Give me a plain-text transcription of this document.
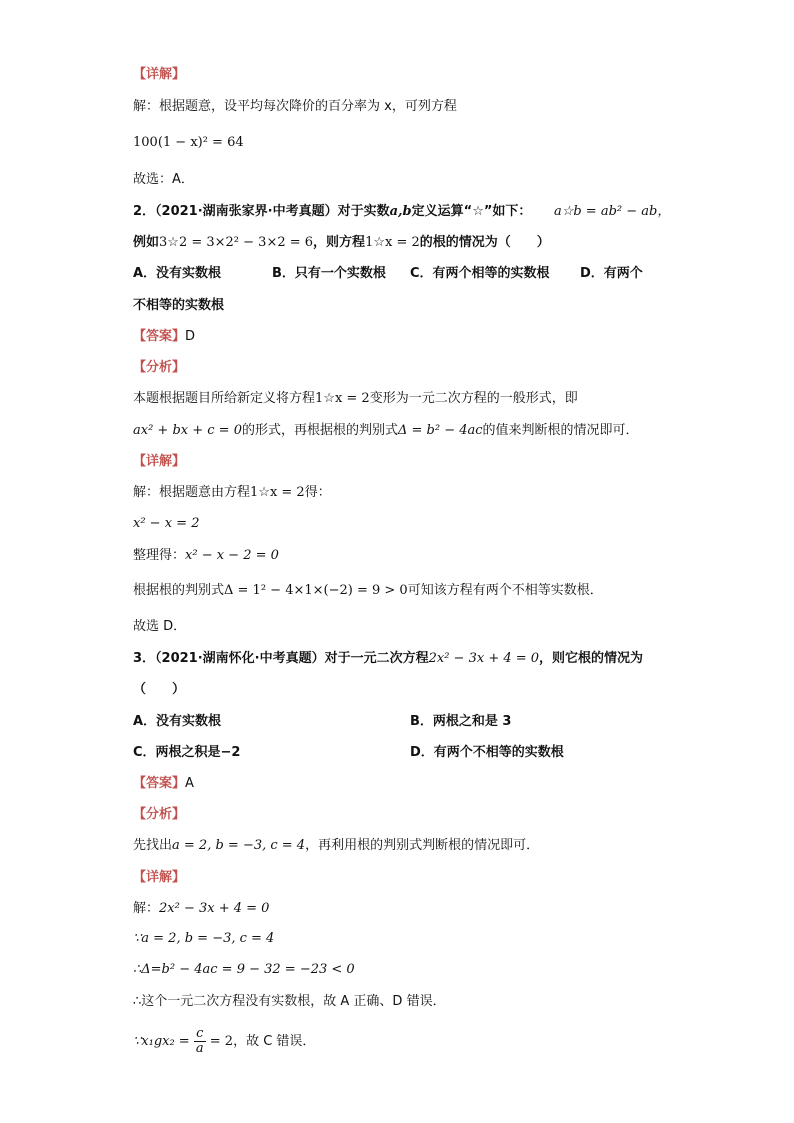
【详解】
解：根据题意，设平均每次降价的百分率为 x，可列方程
100(1 − x)² = 64
故选：A．
2．（2021·湖南张家界·中考真题）对于实数a,b定义运算“☆”如下： a☆b = ab² − ab，
例如3☆2 = 3×2² − 3×2 = 6，则方程1☆x = 2的根的情况为（　　）
A．没有实数根	B．只有一个实数根 C．有两个相等的实数根 D．有两个
不相等的实数根
【答案】D
【分析】
本题根据题目所给新定义将方程1☆x = 2变形为一元二次方程的一般形式，即
ax² + bx + c = 0的形式，再根据根的判别式Δ = b² − 4ac的值来判断根的情况即可．
【详解】
解：根据题意由方程1☆x = 2得：
x² − x = 2
整理得：x² − x − 2 = 0
根据根的判别式Δ = 1² − 4×1×(−2) = 9 > 0可知该方程有两个不相等实数根．
故选 D．
3．（2021·湖南怀化·中考真题）对于一元二次方程2x² − 3x + 4 = 0，则它根的情况为
（　　）
A．没有实数根	B．两根之和是 3
C．两根之积是−2	D．有两个不相等的实数根
【答案】A
【分析】
先找出a = 2, b = −3, c = 4，再利用根的判别式判断根的情况即可．
【详解】
解：2x² − 3x + 4 = 0
∵a = 2, b = −3, c = 4
∴Δ=b² − 4ac = 9 − 32 = −23 < 0
∴这个一元二次方程没有实数根，故 A 正确、D 错误．
∵x₁gx₂ = $\frac{c}{a} = 2$，故 C 错误．
